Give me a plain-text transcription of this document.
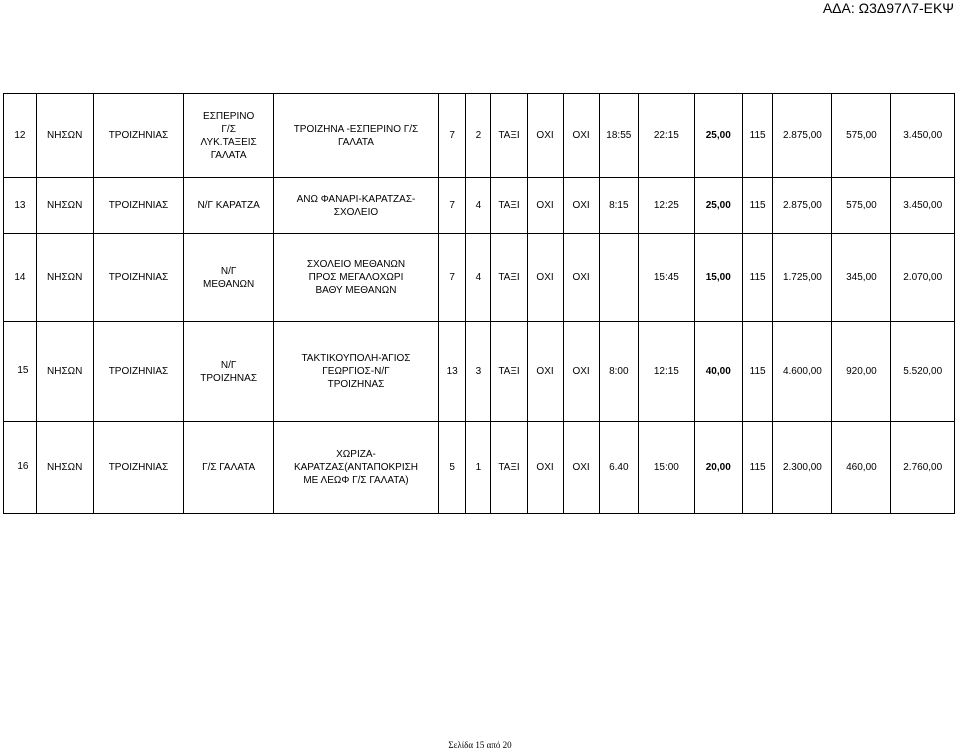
ΑΔΑ: Ω3Δ97Λ7-ΕΚΨ
12	ΝΗΣΩΝ	ΤΡΟΙΖΗΝΙΑΣ	ΕΣΠΕΡΙΝΟ
Γ/Σ
ΛΥΚ.ΤΑΞΕΙΣ
ΓΑΛΑΤΑ	ΤΡΟΙΖΗΝΑ -ΕΣΠΕΡΙΝΟ Γ/Σ
ΓΑΛΑΤΑ	7	2	ΤΑΞΙ	ΟΧΙ	ΟΧΙ	18:55	22:15	25,00	115	2.875,00	575,00	3.450,00
13	ΝΗΣΩΝ	ΤΡΟΙΖΗΝΙΑΣ	Ν/Γ ΚΑΡΑΤΖΑ	ΑΝΩ ΦΑΝΑΡΙ-ΚΑΡΑΤΖΑΣ-
ΣΧΟΛΕΙΟ	7	4	ΤΑΞΙ	ΟΧΙ	ΟΧΙ	8:15	12:25	25,00	115	2.875,00	575,00	3.450,00
14	ΝΗΣΩΝ	ΤΡΟΙΖΗΝΙΑΣ	Ν/Γ
ΜΕΘΑΝΩΝ	ΣΧΟΛΕΙΟ ΜΕΘΑΝΩΝ
ΠΡΟΣ ΜΕΓΑΛΟΧΩΡΙ
ΒΑΘΥ ΜΕΘΑΝΩΝ	7	4	ΤΑΞΙ	ΟΧΙ	ΟΧΙ		15:45	15,00	115	1.725,00	345,00	2.070,00

15	ΝΗΣΩΝ	ΤΡΟΙΖΗΝΙΑΣ	Ν/Γ
ΤΡΟΙΖΗΝΑΣ	ΤΑΚΤΙΚΟΥΠΟΛΗ-ΆΓΙΟΣ
ΓΕΩΡΓΙΟΣ-Ν/Γ
ΤΡΟΙΖΗΝΑΣ	13	3	ΤΑΞΙ	ΟΧΙ	ΟΧΙ	8:00	12:15	40,00	115	4.600,00	920,00	5.520,00

16	ΝΗΣΩΝ	ΤΡΟΙΖΗΝΙΑΣ	Γ/Σ ΓΑΛΑΤΑ	ΧΩΡΙΖΑ-
ΚΑΡΑΤΖΑΣ(ΑΝΤΑΠΟΚΡΙΣΗ
ΜΕ ΛΕΩΦ Γ/Σ ΓΑΛΑΤΑ)	5	1	ΤΑΞΙ	ΟΧΙ	ΟΧΙ	6.40	15:00	20,00	115	2.300,00	460,00	2.760,00
Σελίδα 15 από 20
